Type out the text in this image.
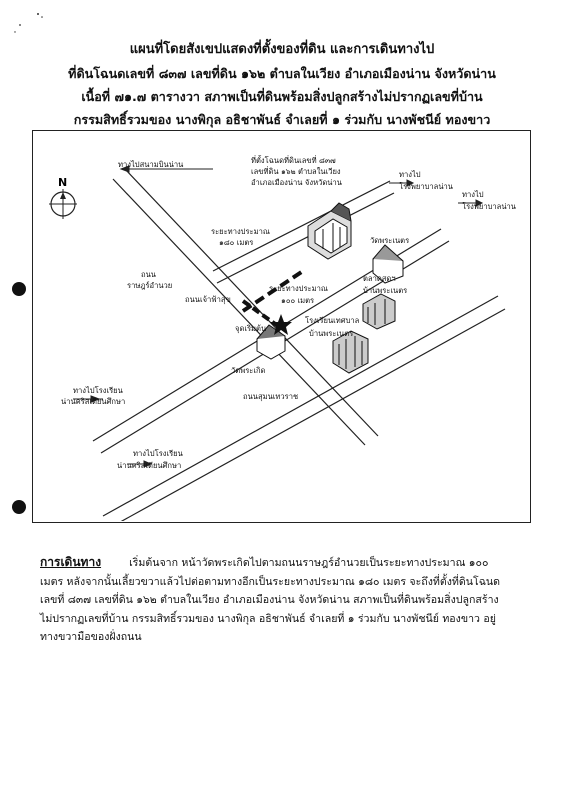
แผนที่โดยสังเขปแสดงที่ตั้งของที่ดิน และการเดินทางไป
ที่ดินโฉนดเลขที่ ๘๓๗ เลขที่ดิน ๑๖๒ ตำบลในเวียง อำเภอเมืองน่าน จังหวัดน่าน
เนื้อที่ ๗๑.๗ ตารางวา สภาพเป็นที่ดินพร้อมสิ่งปลูกสร้างไม่ปรากฏเลขที่บ้าน
กรรมสิทธิ์รวมของ นางพิกุล อธิชาพันธ์ จำเลยที่ ๑ ร่วมกับ นางพัชนีย์ ทองขาว
N
ทางไปสนามบินน่าน	ที่ตั้งโฉนดที่ดินเลขที่ ๘๓๗
เลขที่ดิน ๑๖๒ ตำบลในเวียง
อำเภอเมืองน่าน จังหวัดน่าน
ทางไป
โรงพยาบาลน่าน
ทางไป
โรงพยาบาลน่าน
ระยะทางประมาณ
๑๘๐ เมตร	วัดพระเนตร
ตลาดสดฯ
บ้านพระเนตร
ถนน
ราษฎร์อำนวย
ถนนเจ้าฟ้าสุข
ระยะทางประมาณ
๑๐๐ เมตร
จุดเริ่มต้น
โรงเรียนเทศบาล
บ้านพระเนตร
วัดพระเกิด
ทางไปโรงเรียน
น่านคริสเตียนศึกษา
ถนนสุมนเทวราช
ทางไปโรงเรียน
น่านคริสเตียนศึกษา
การเดินทาง	เริ่มต้นจาก หน้าวัดพระเกิดไปตามถนนราษฎร์อำนวยเป็นระยะทางประมาณ ๑๐๐
เมตร หลังจากนั้นเลี้ยวขวาแล้วไปต่อตามทางอีกเป็นระยะทางประมาณ ๑๘๐ เมตร จะถึงที่ตั้งที่ดินโฉนด
เลขที่ ๘๓๗ เลขที่ดิน ๑๖๒ ตำบลในเวียง อำเภอเมืองน่าน จังหวัดน่าน สภาพเป็นที่ดินพร้อมสิ่งปลูกสร้าง
ไม่ปรากฏเลขที่บ้าน กรรมสิทธิ์รวมของ นางพิกุล อธิชาพันธ์ จำเลยที่ ๑ ร่วมกับ นางพัชนีย์ ทองขาว อยู่
ทางขวามือของฝั่งถนน
